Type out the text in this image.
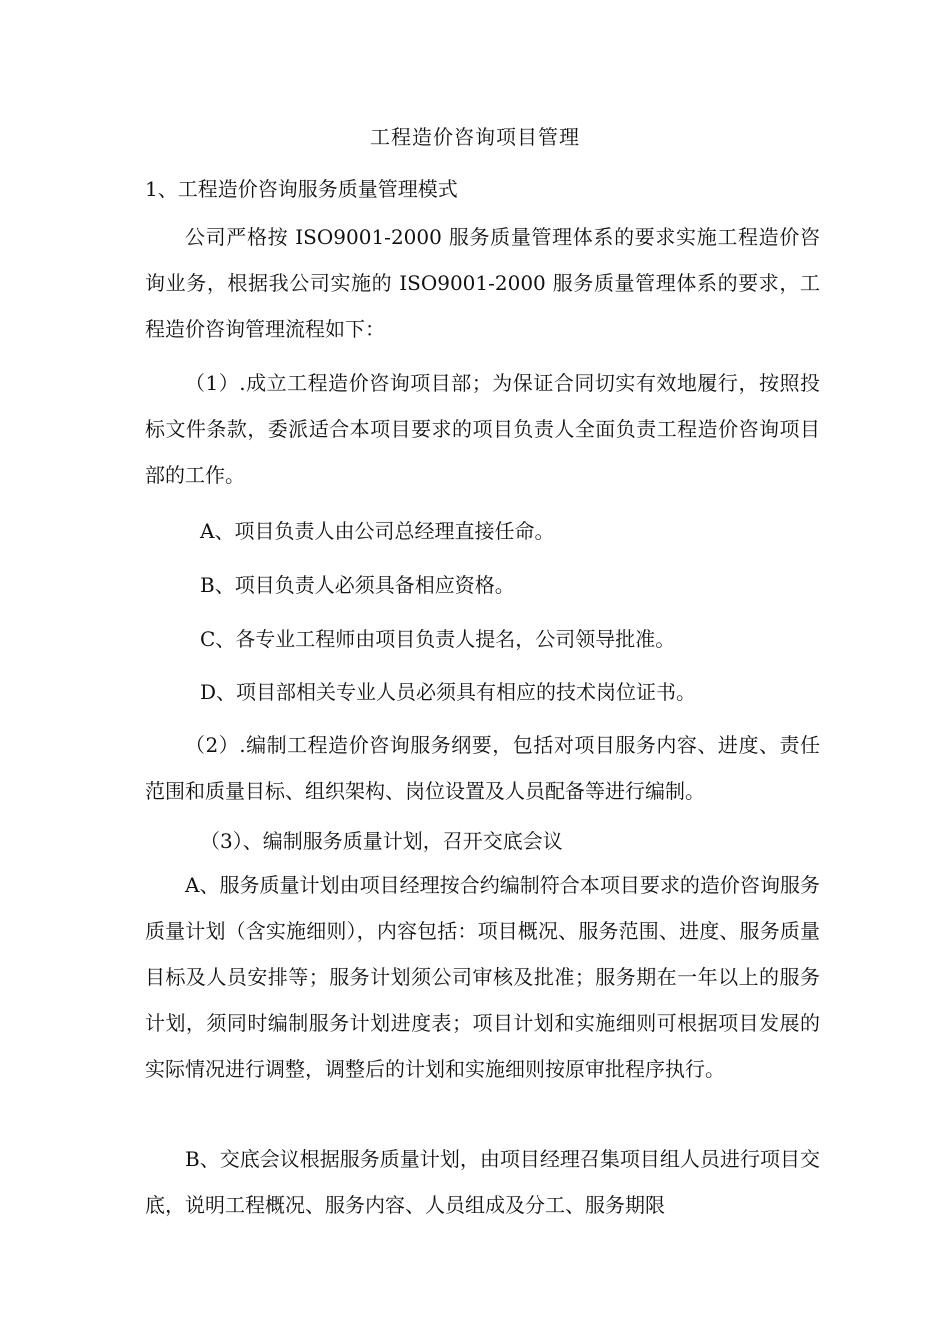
工程造价咨询项目管理
1、工程造价咨询服务质量管理模式

公司严格按 ISO9001-2000 服务质量管理体系的要求实施工程造价咨询业务，根据我公司实施的 ISO9001-2000 服务质量管理体系的要求，工程造价咨询管理流程如下：

（1）.成立工程造价咨询项目部；为保证合同切实有效地履行，按照投标文件条款，委派适合本项目要求的项目负责人全面负责工程造价咨询项目部的工作。

A、项目负责人由公司总经理直接任命。
B、项目负责人必须具备相应资格。
C、各专业工程师由项目负责人提名，公司领导批准。
D、项目部相关专业人员必须具有相应的技术岗位证书。

（2）.编制工程造价咨询服务纲要，包括对项目服务内容、进度、责任范围和质量目标、组织架构、岗位设置及人员配备等进行编制。

（3）、编制服务质量计划，召开交底会议

A、服务质量计划由项目经理按合约编制符合本项目要求的造价咨询服务质量计划（含实施细则），内容包括：项目概况、服务范围、进度、服务质量目标及人员安排等；服务计划须公司审核及批准；服务期在一年以上的服务计划，须同时编制服务计划进度表；项目计划和实施细则可根据项目发展的实际情况进行调整，调整后的计划和实施细则按原审批程序执行。

B、交底会议根据服务质量计划，由项目经理召集项目组人员进行项目交底，说明工程概况、服务内容、人员组成及分工、服务期限
